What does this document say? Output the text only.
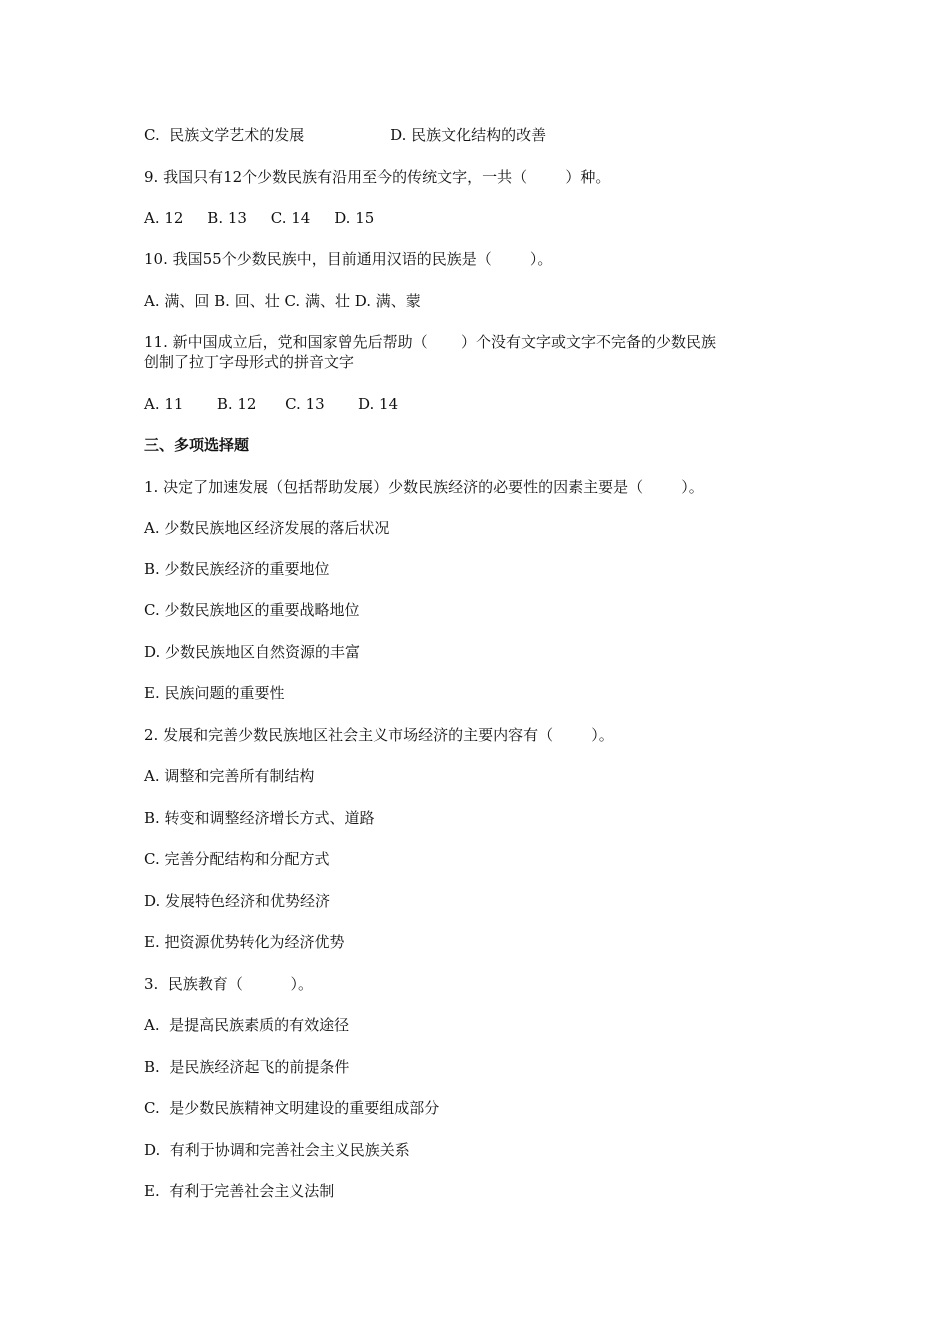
C.  民族文学艺术的发展                  D. 民族文化结构的改善
9. 我国只有12个少数民族有沿用至今的传统文字，一共（        ）种。
A. 12     B. 13     C. 14     D. 15
10. 我国55个少数民族中，目前通用汉语的民族是（        ）。
A. 满、回 B. 回、壮 C. 满、壮 D. 满、蒙
11. 新中国成立后，党和国家曾先后帮助（       ）个没有文字或文字不完备的少数民族
创制了拉丁字母形式的拼音文字
A. 11       B. 12      C. 13       D. 14
三、多项选择题
1. 决定了加速发展（包括帮助发展）少数民族经济的必要性的因素主要是（        ）。
A. 少数民族地区经济发展的落后状况
B. 少数民族经济的重要地位
C. 少数民族地区的重要战略地位
D. 少数民族地区自然资源的丰富
E. 民族问题的重要性
2. 发展和完善少数民族地区社会主义市场经济的主要内容有（        ）。
A. 调整和完善所有制结构
B. 转变和调整经济增长方式、道路
C. 完善分配结构和分配方式
D. 发展特色经济和优势经济
E. 把资源优势转化为经济优势
3.  民族教育（          ）。
A.  是提高民族素质的有效途径
B.  是民族经济起飞的前提条件
C.  是少数民族精神文明建设的重要组成部分
D.  有利于协调和完善社会主义民族关系
E.  有利于完善社会主义法制
